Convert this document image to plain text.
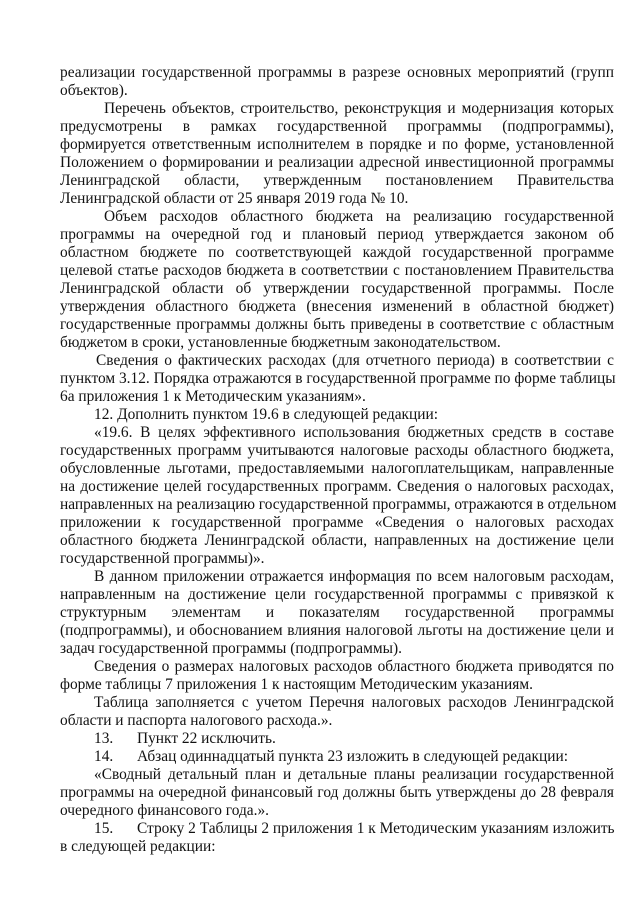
реализации государственной программы в разрезе основных мероприятий (групп
объектов).
Перечень объектов, строительство, реконструкция и модернизация которых
предусмотрены в рамках государственной программы (подпрограммы),
формируется ответственным исполнителем в порядке и по форме, установленной
Положением о формировании и реализации адресной инвестиционной программы
Ленинградской области, утвержденным постановлением Правительства
Ленинградской области от 25 января 2019 года № 10.
Объем расходов областного бюджета на реализацию государственной
программы на очередной год и плановый период утверждается законом об
областном бюджете по соответствующей каждой государственной программе
целевой статье расходов бюджета в соответствии с постановлением Правительства
Ленинградской области об утверждении государственной программы. После
утверждения областного бюджета (внесения изменений в областной бюджет)
государственные программы должны быть приведены в соответствие с областным
бюджетом в сроки, установленные бюджетным законодательством.
Сведения о фактических расходах (для отчетного периода) в соответствии с
пунктом 3.12. Порядка отражаются в государственной программе по форме таблицы
6а приложения 1 к Методическим указаниям».
12. Дополнить пунктом 19.6 в следующей редакции:
«19.6. В целях эффективного использования бюджетных средств в составе
государственных программ учитываются налоговые расходы областного бюджета,
обусловленные льготами, предоставляемыми налогоплательщикам, направленные
на достижение целей государственных программ. Сведения о налоговых расходах,
направленных на реализацию государственной программы, отражаются в отдельном
приложении к государственной программе «Сведения о налоговых расходах
областного бюджета Ленинградской области, направленных на достижение цели
государственной программы)».
В данном приложении отражается информация по всем налоговым расходам,
направленным на достижение цели государственной программы с привязкой к
структурным элементам и показателям государственной программы
(подпрограммы), и обоснованием влияния налоговой льготы на достижение цели и
задач государственной программы (подпрограммы).
Сведения о размерах налоговых расходов областного бюджета приводятся по
форме таблицы 7 приложения 1 к настоящим Методическим указаниям.
Таблица заполняется с учетом Перечня налоговых расходов Ленинградской
области и паспорта налогового расхода.».
13. Пункт 22 исключить.
14. Абзац одиннадцатый пункта 23 изложить в следующей редакции:
«Сводный детальный план и детальные планы реализации государственной
программы на очередной финансовый год должны быть утверждены до 28 февраля
очередного финансового года.».
15. Строку 2 Таблицы 2 приложения 1 к Методическим указаниям изложить
в следующей редакции:
